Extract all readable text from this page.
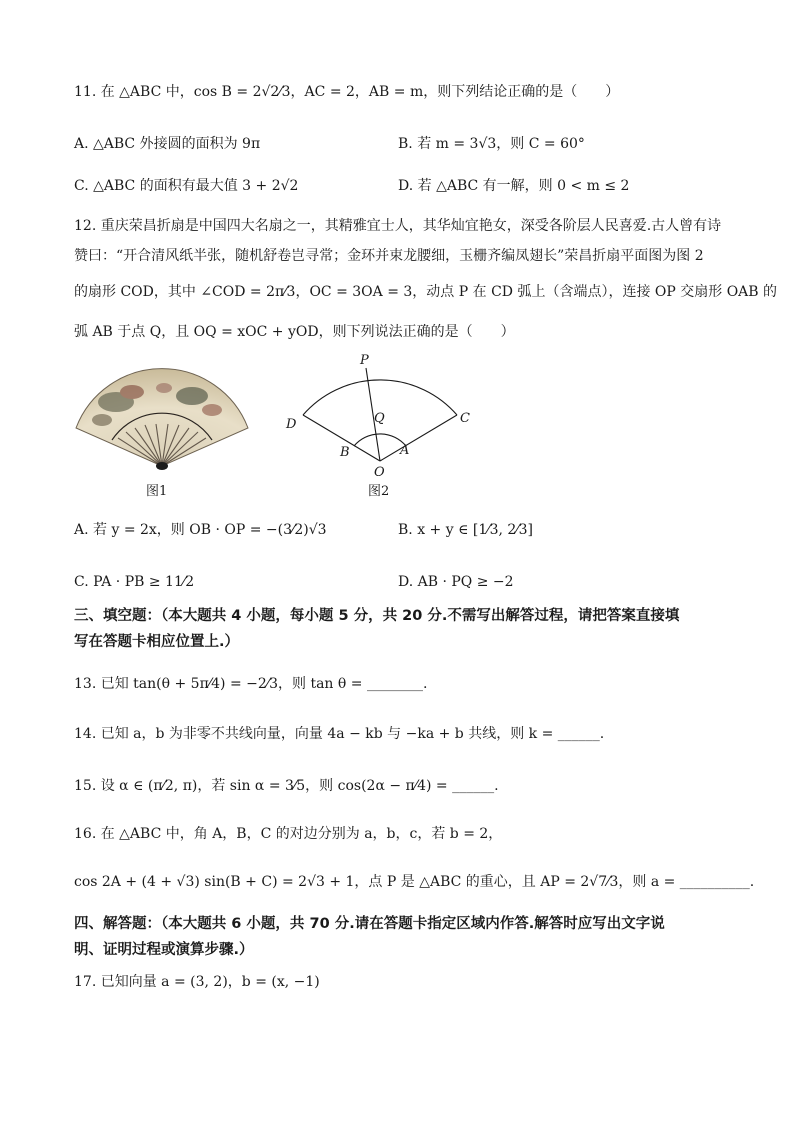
11. 在 △ABC 中，cos B = 2√2⁄3，AC = 2，AB = m，则下列结论正确的是（　　）
A. △ABC 外接圆的面积为 9π	B. 若 m = 3√3，则 C = 60°
C. △ABC 的面积有最大值 3 + 2√2	D. 若 △ABC 有一解，则 0 < m ≤ 2
12. 重庆荣昌折扇是中国四大名扇之一，其精雅宜士人，其华灿宜艳女，深受各阶层人民喜爱.古人曾有诗
赞曰：“开合清风纸半张，随机舒卷岂寻常；金环并束龙腰细，玉栅齐编凤翅长”荣昌折扇平面图为图 2
的扇形 COD，其中 ∠COD = 2π⁄3，OC = 3OA = 3，动点 P 在 CD 弧上（含端点），连接 OP 交扇形 OAB 的
弧 AB 于点 Q，且 OQ = xOC + yOD，则下列说法正确的是（　　）
图1
P
D	C
Q
B	A
O
图2
A. 若 y = 2x，则 OB · OP = −(3⁄2)√3	B. x + y ∈ [1⁄3, 2⁄3]
C. PA · PB ≥ 11⁄2	D. AB · PQ ≥ −2
三、填空题：（本大题共 4 小题，每小题 5 分，共 20 分.不需写出解答过程，请把答案直接填
写在答题卡相应位置上.）
13. 已知 tan(θ + 5π⁄4) = −2⁄3，则 tan θ = ________.
14. 已知 a，b 为非零不共线向量，向量 4a − kb 与 −ka + b 共线，则 k = ______.
15. 设 α ∈ (π⁄2, π)，若 sin α = 3⁄5，则 cos(2α − π⁄4) = ______.
16. 在 △ABC 中，角 A，B，C 的对边分别为 a，b，c，若 b = 2，
cos 2A + (4 + √3) sin(B + C) = 2√3 + 1，点 P 是 △ABC 的重心，且 AP = 2√7⁄3，则 a = __________.
四、解答题：（本大题共 6 小题，共 70 分.请在答题卡指定区域内作答.解答时应写出文字说
明、证明过程或演算步骤.）
17. 已知向量 a = (3, 2)，b = (x, −1)
